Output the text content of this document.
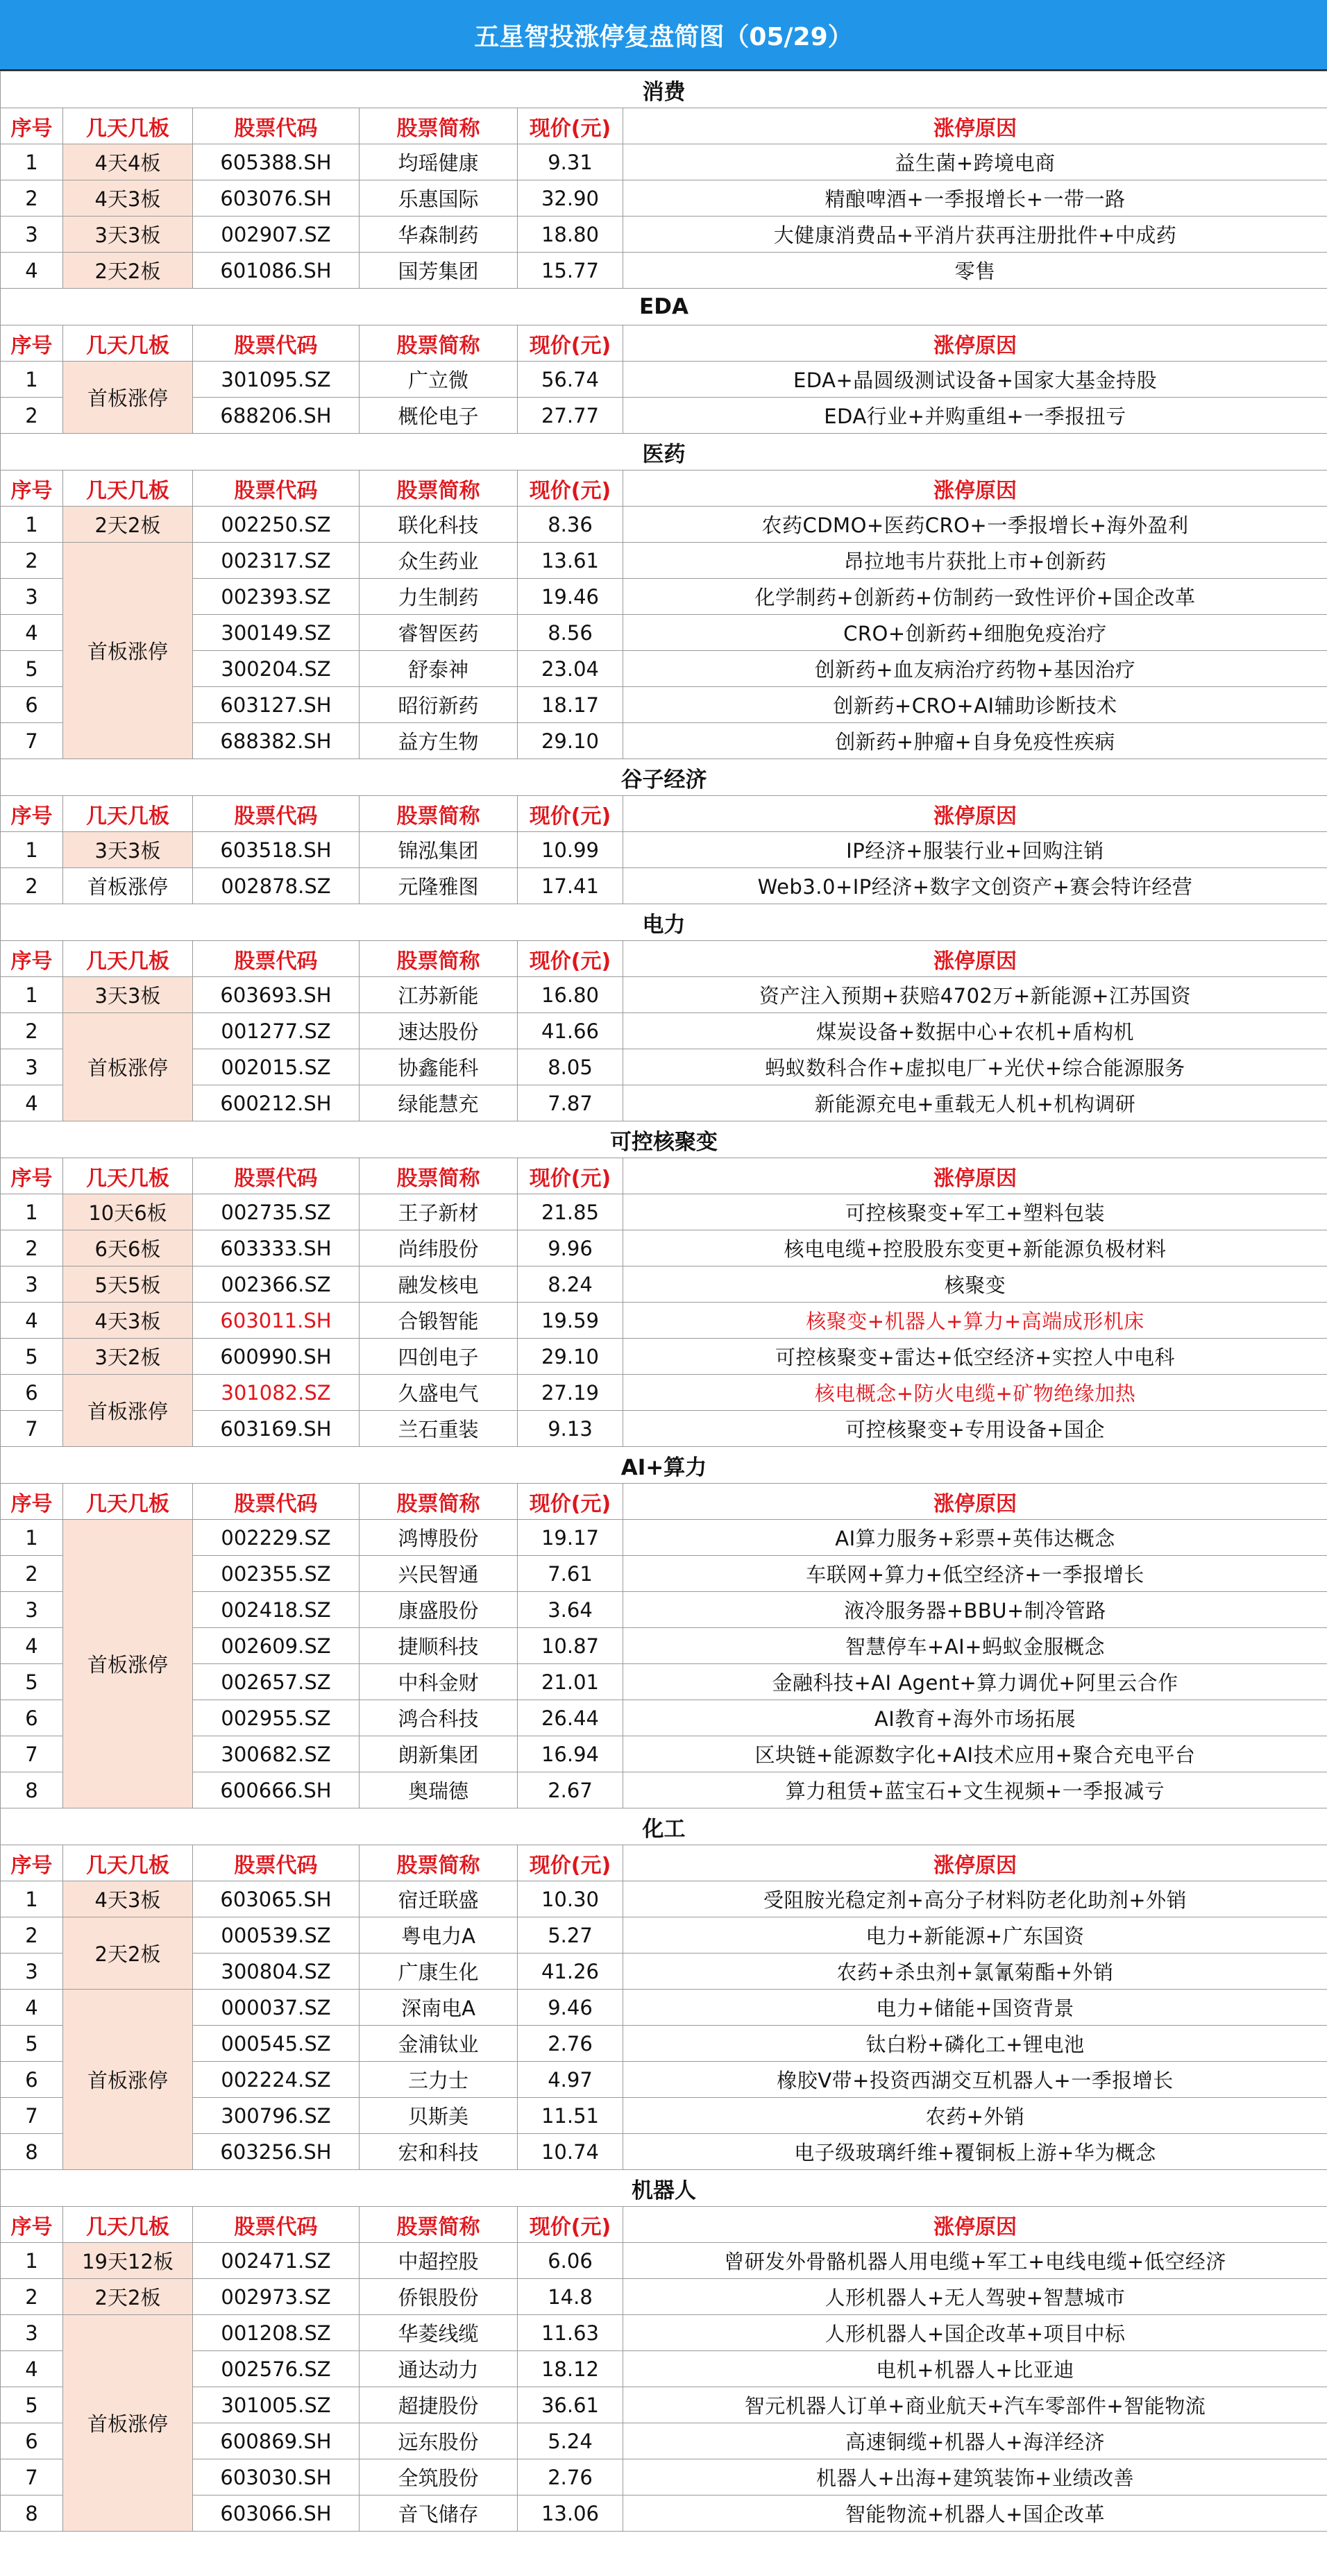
五星智投涨停复盘简图（05/29）
消费					
序号	几天几板	股票代码	股票简称	现价(元)	涨停原因
1	4天4板	605388.SH	均瑶健康	9.31	益生菌+跨境电商
2	4天3板	603076.SH	乐惠国际	32.90	精酿啤酒+一季报增长+一带一路
3	3天3板	002907.SZ	华森制药	18.80	大健康消费品+平消片获再注册批件+中成药
4	2天2板	601086.SH	国芳集团	15.77	零售
EDA					
序号	几天几板	股票代码	股票简称	现价(元)	涨停原因
1	首板涨停	301095.SZ	广立微	56.74	EDA+晶圆级测试设备+国家大基金持股
2		688206.SH	概伦电子	27.77	EDA行业+并购重组+一季报扭亏
医药					
序号	几天几板	股票代码	股票简称	现价(元)	涨停原因
1	2天2板	002250.SZ	联化科技	8.36	农药CDMO+医药CRO+一季报增长+海外盈利
2	首板涨停	002317.SZ	众生药业	13.61	昂拉地韦片获批上市+创新药
3		002393.SZ	力生制药	19.46	化学制药+创新药+仿制药一致性评价+国企改革
4		300149.SZ	睿智医药	8.56	CRO+创新药+细胞免疫治疗
5		300204.SZ	舒泰神	23.04	创新药+血友病治疗药物+基因治疗
6		603127.SH	昭衍新药	18.17	创新药+CRO+AI辅助诊断技术
7		688382.SH	益方生物	29.10	创新药+肿瘤+自身免疫性疾病
谷子经济					
序号	几天几板	股票代码	股票简称	现价(元)	涨停原因
1	3天3板	603518.SH	锦泓集团	10.99	IP经济+服装行业+回购注销
2	首板涨停	002878.SZ	元隆雅图	17.41	Web3.0+IP经济+数字文创资产+赛会特许经营
电力					
序号	几天几板	股票代码	股票简称	现价(元)	涨停原因
1	3天3板	603693.SH	江苏新能	16.80	资产注入预期+获赔4702万+新能源+江苏国资
2	首板涨停	001277.SZ	速达股份	41.66	煤炭设备+数据中心+农机+盾构机
3		002015.SZ	协鑫能科	8.05	蚂蚁数科合作+虚拟电厂+光伏+综合能源服务
4		600212.SH	绿能慧充	7.87	新能源充电+重载无人机+机构调研
可控核聚变					
序号	几天几板	股票代码	股票简称	现价(元)	涨停原因
1	10天6板	002735.SZ	王子新材	21.85	可控核聚变+军工+塑料包装
2	6天6板	603333.SH	尚纬股份	9.96	核电电缆+控股股东变更+新能源负极材料
3	5天5板	002366.SZ	融发核电	8.24	核聚变
4	4天3板	603011.SH	合锻智能	19.59	核聚变+机器人+算力+高端成形机床
5	3天2板	600990.SH	四创电子	29.10	可控核聚变+雷达+低空经济+实控人中电科
6	首板涨停	301082.SZ	久盛电气	27.19	核电概念+防火电缆+矿物绝缘加热
7		603169.SH	兰石重装	9.13	可控核聚变+专用设备+国企
AI+算力					
序号	几天几板	股票代码	股票简称	现价(元)	涨停原因
1	首板涨停	002229.SZ	鸿博股份	19.17	AI算力服务+彩票+英伟达概念
2		002355.SZ	兴民智通	7.61	车联网+算力+低空经济+一季报增长
3		002418.SZ	康盛股份	3.64	液冷服务器+BBU+制冷管路
4		002609.SZ	捷顺科技	10.87	智慧停车+AI+蚂蚁金服概念
5		002657.SZ	中科金财	21.01	金融科技+AI Agent+算力调优+阿里云合作
6		002955.SZ	鸿合科技	26.44	AI教育+海外市场拓展
7		300682.SZ	朗新集团	16.94	区块链+能源数字化+AI技术应用+聚合充电平台
8		600666.SH	奥瑞德	2.67	算力租赁+蓝宝石+文生视频+一季报减亏
化工					
序号	几天几板	股票代码	股票简称	现价(元)	涨停原因
1	4天3板	603065.SH	宿迁联盛	10.30	受阻胺光稳定剂+高分子材料防老化助剂+外销
2	2天2板	000539.SZ	粤电力A	5.27	电力+新能源+广东国资
3		300804.SZ	广康生化	41.26	农药+杀虫剂+氯氰菊酯+外销
4	首板涨停	000037.SZ	深南电A	9.46	电力+储能+国资背景
5		000545.SZ	金浦钛业	2.76	钛白粉+磷化工+锂电池
6		002224.SZ	三力士	4.97	橡胶V带+投资西湖交互机器人+一季报增长
7		300796.SZ	贝斯美	11.51	农药+外销
8		603256.SH	宏和科技	10.74	电子级玻璃纤维+覆铜板上游+华为概念
机器人					
序号	几天几板	股票代码	股票简称	现价(元)	涨停原因
1	19天12板	002471.SZ	中超控股	6.06	曾研发外骨骼机器人用电缆+军工+电线电缆+低空经济
2	2天2板	002973.SZ	侨银股份	14.8	人形机器人+无人驾驶+智慧城市
3	首板涨停	001208.SZ	华菱线缆	11.63	人形机器人+国企改革+项目中标
4		002576.SZ	通达动力	18.12	电机+机器人+比亚迪
5		301005.SZ	超捷股份	36.61	智元机器人订单+商业航天+汽车零部件+智能物流
6		600869.SH	远东股份	5.24	高速铜缆+机器人+海洋经济
7		603030.SH	全筑股份	2.76	机器人+出海+建筑装饰+业绩改善
8		603066.SH	音飞储存	13.06	智能物流+机器人+国企改革
